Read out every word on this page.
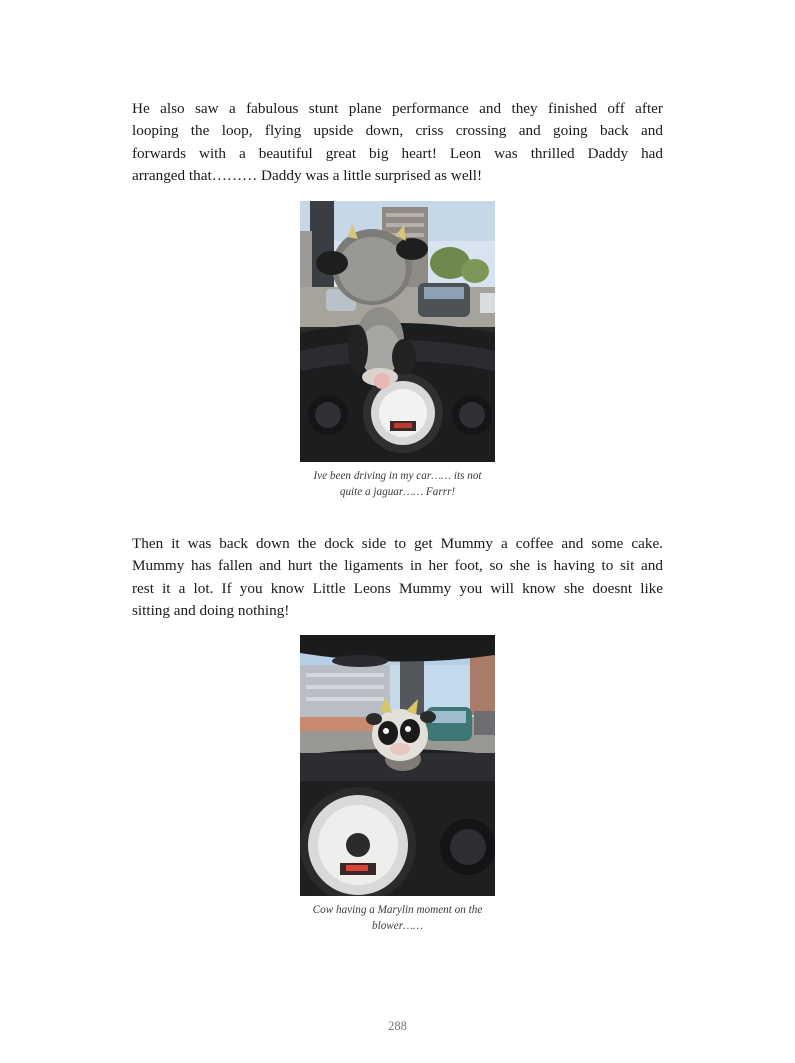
He also saw a fabulous stunt plane performance and they finished off after
looping the loop, flying upside down, criss crossing and going back and
forwards with a beautiful great big heart! Leon was thrilled Daddy had
arranged that……… Daddy was a little surprised as well!

Ive been driving in my car…… its not
quite a jaguar…… Farrr!

Then it was back down the dock side to get Mummy a coffee and some cake.
Mummy has fallen and hurt the ligaments in her foot, so she is having to sit and
rest it a lot. If you know Little Leons Mummy you will know she doesnt like
sitting and doing nothing!

Cow having a Marylin moment on the
blower……
288
